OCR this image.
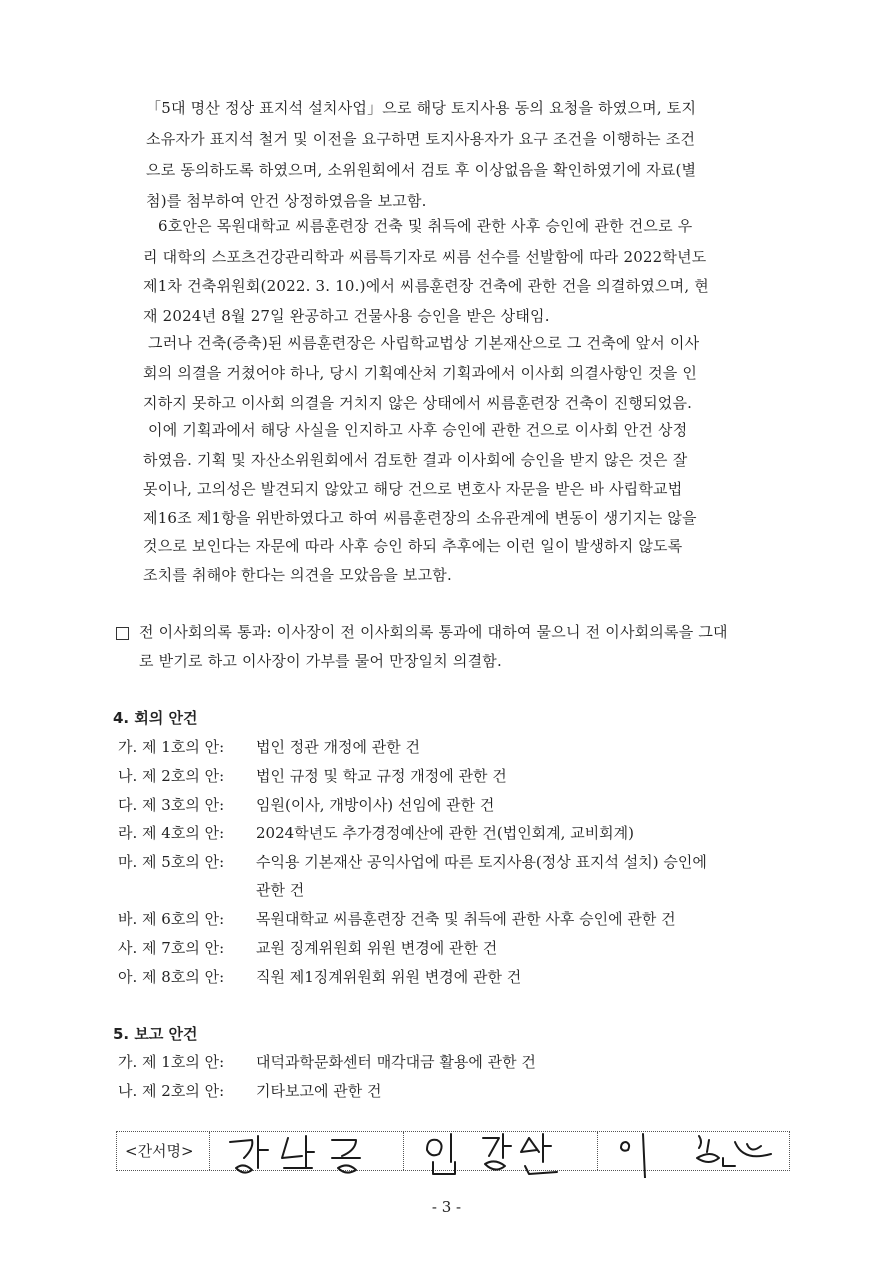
「5대 명산 정상 표지석 설치사업」으로 해당 토지사용 동의 요청을 하였으며, 토지
소유자가 표지석 철거 및 이전을 요구하면 토지사용자가 요구 조건을 이행하는 조건
으로 동의하도록 하였으며, 소위원회에서 검토 후 이상없음을 확인하였기에 자료(별
첨)를 첨부하여 안건 상정하였음을 보고함.
6호안은 목원대학교 씨름훈련장 건축 및 취득에 관한 사후 승인에 관한 건으로 우
리 대학의 스포츠건강관리학과 씨름특기자로 씨름 선수를 선발함에 따라 2022학년도
제1차 건축위원회(2022. 3. 10.)에서 씨름훈련장 건축에 관한 건을 의결하였으며, 현
재 2024년 8월 27일 완공하고 건물사용 승인을 받은 상태임.
그러나 건축(증축)된 씨름훈련장은 사립학교법상 기본재산으로 그 건축에 앞서 이사
회의 의결을 거쳤어야 하나, 당시 기획예산처 기획과에서 이사회 의결사항인 것을 인
지하지 못하고 이사회 의결을 거치지 않은 상태에서 씨름훈련장 건축이 진행되었음.
이에 기획과에서 해당 사실을 인지하고 사후 승인에 관한 건으로 이사회 안건 상정
하였음. 기획 및 자산소위원회에서 검토한 결과 이사회에 승인을 받지 않은 것은 잘
못이나, 고의성은 발견되지 않았고 해당 건으로 변호사 자문을 받은 바 사립학교법
제16조 제1항을 위반하였다고 하여 씨름훈련장의 소유관계에 변동이 생기지는 않을
것으로 보인다는 자문에 따라 사후 승인 하되 추후에는 이런 일이 발생하지 않도록
조치를 취해야 한다는 의견을 모았음을 보고함.
전 이사회의록 통과: 이사장이 전 이사회의록 통과에 대하여 물으니 전 이사회의록을 그대
로 받기로 하고 이사장이 가부를 물어 만장일치 의결함.
4. 회의 안건
가. 제 1호의 안: 법인 정관 개정에 관한 건
나. 제 2호의 안: 법인 규정 및 학교 규정 개정에 관한 건
다. 제 3호의 안: 임원(이사, 개방이사) 선임에 관한 건
라. 제 4호의 안: 2024학년도 추가경정예산에 관한 건(법인회계, 교비회계)
마. 제 5호의 안: 수익용 기본재산 공익사업에 따른 토지사용(정상 표지석 설치) 승인에
관한 건
바. 제 6호의 안: 목원대학교 씨름훈련장 건축 및 취득에 관한 사후 승인에 관한 건
사. 제 7호의 안: 교원 징계위원회 위원 변경에 관한 건
아. 제 8호의 안: 직원 제1징계위원회 위원 변경에 관한 건
5. 보고 안건
가. 제 1호의 안: 대덕과학문화센터 매각대금 활용에 관한 건
나. 제 2호의 안: 기타보고에 관한 건
<간서명>
- 3 -
